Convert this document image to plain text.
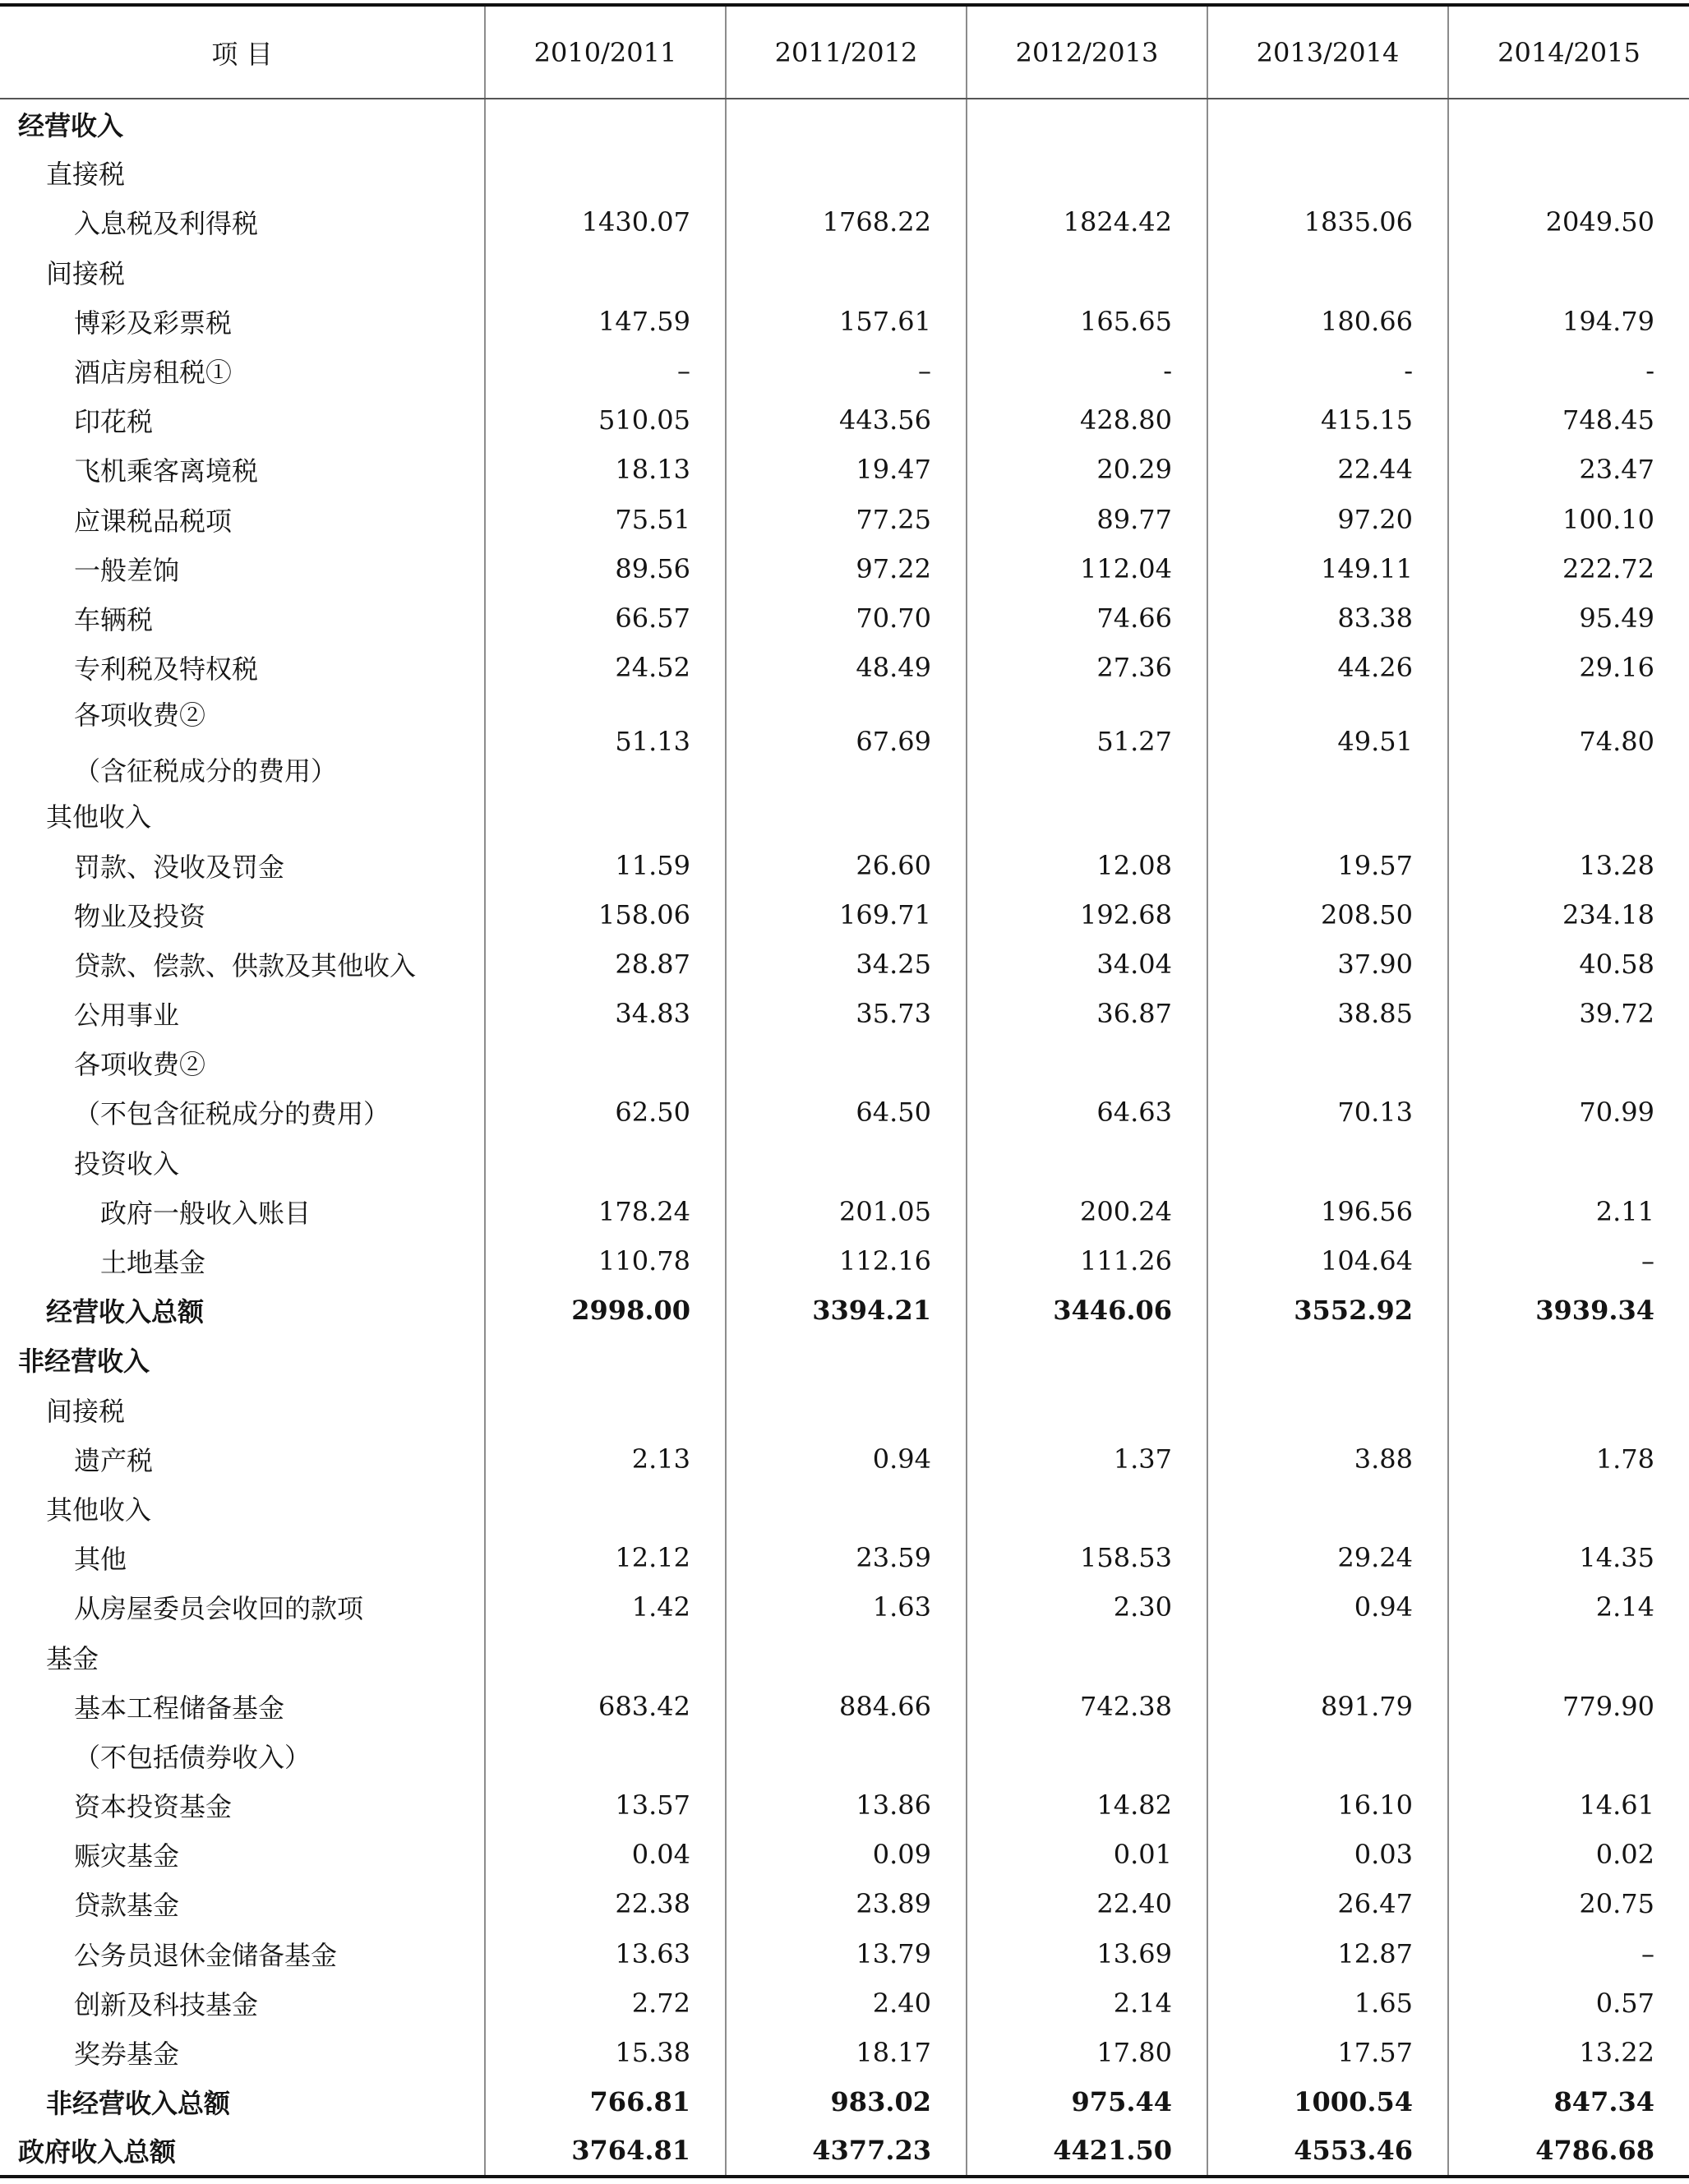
项 目	2010/2011	2011/2012	2012/2013	2013/2014	2014/2015
经营收入					
直接税					
入息税及利得税	1430.07	1768.22	1824.42	1835.06	2049.50
间接税					
博彩及彩票税	147.59	157.61	165.65	180.66	194.79
酒店房租税①	–	–	-	-	-
印花税	510.05	443.56	428.80	415.15	748.45
飞机乘客离境税	18.13	19.47	20.29	22.44	23.47
应课税品税项	75.51	77.25	89.77	97.20	100.10
一般差饷	89.56	97.22	112.04	149.11	222.72
车辆税	66.57	70.70	74.66	83.38	95.49
专利税及特权税	24.52	48.49	27.36	44.26	29.16

各项收费②
（含征税成分的费用）	51.13	67.69	51.27	49.51	74.80
其他收入					
罚款、没收及罚金	11.59	26.60	12.08	19.57	13.28
物业及投资	158.06	169.71	192.68	208.50	234.18
贷款、偿款、供款及其他收入	28.87	34.25	34.04	37.90	40.58
公用事业	34.83	35.73	36.87	38.85	39.72
各项收费②					
（不包含征税成分的费用）	62.50	64.50	64.63	70.13	70.99
投资收入					
政府一般收入账目	178.24	201.05	200.24	196.56	2.11
土地基金	110.78	112.16	111.26	104.64	–
经营收入总额	2998.00	3394.21	3446.06	3552.92	3939.34
非经营收入					
间接税					
遗产税	2.13	0.94	1.37	3.88	1.78
其他收入					
其他	12.12	23.59	158.53	29.24	14.35
从房屋委员会收回的款项	1.42	1.63	2.30	0.94	2.14
基金					
基本工程储备基金	683.42	884.66	742.38	891.79	779.90
（不包括债券收入）					
资本投资基金	13.57	13.86	14.82	16.10	14.61
赈灾基金	0.04	0.09	0.01	0.03	0.02
贷款基金	22.38	23.89	22.40	26.47	20.75
公务员退休金储备基金	13.63	13.79	13.69	12.87	–
创新及科技基金	2.72	2.40	2.14	1.65	0.57
奖券基金	15.38	18.17	17.80	17.57	13.22
非经营收入总额	766.81	983.02	975.44	1000.54	847.34
政府收入总额	3764.81	4377.23	4421.50	4553.46	4786.68
